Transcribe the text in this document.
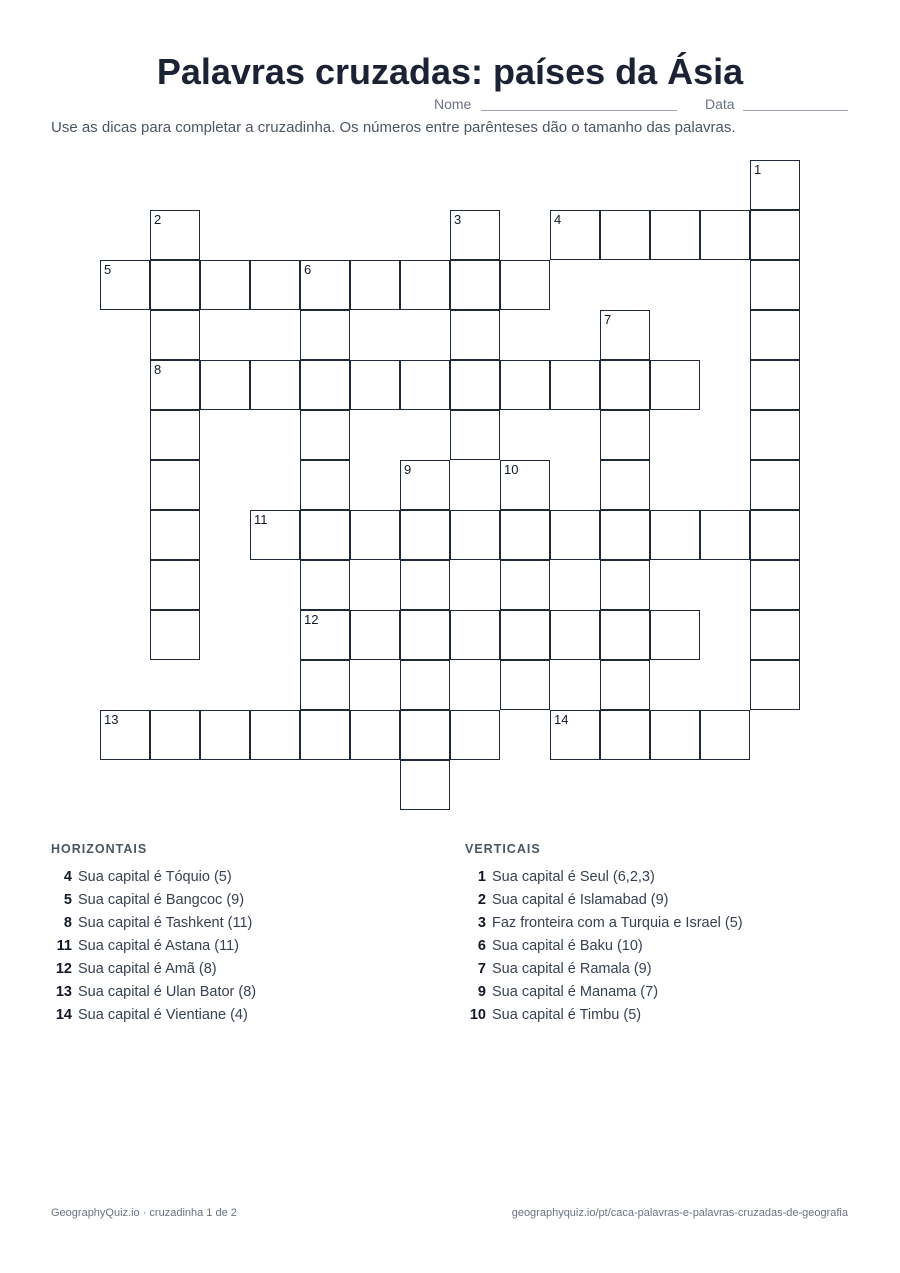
Palavras cruzadas: países da Ásia
Nome	Data
Use as dicas para completar a cruzadinha. Os números entre parênteses dão o tamanho das palavras.
4
5	6
8
11
12
13	14
1
2	3
7
9	10
HORIZONTAIS
4 Sua capital é Tóquio (5)
5 Sua capital é Bangcoc (9)
8 Sua capital é Tashkent (11)
11 Sua capital é Astana (11)
12 Sua capital é Amã (8)
13 Sua capital é Ulan Bator (8)
14 Sua capital é Vientiane (4)
VERTICAIS
1 Sua capital é Seul (6,2,3)
2 Sua capital é Islamabad (9)
3 Faz fronteira com a Turquia e Israel (5)
6 Sua capital é Baku (10)
7 Sua capital é Ramala (9)
9 Sua capital é Manama (7)
10 Sua capital é Timbu (5)
GeographyQuiz.io · cruzadinha 1 de 2	geographyquiz.io/pt/caca-palavras-e-palavras-cruzadas-de-geografia
